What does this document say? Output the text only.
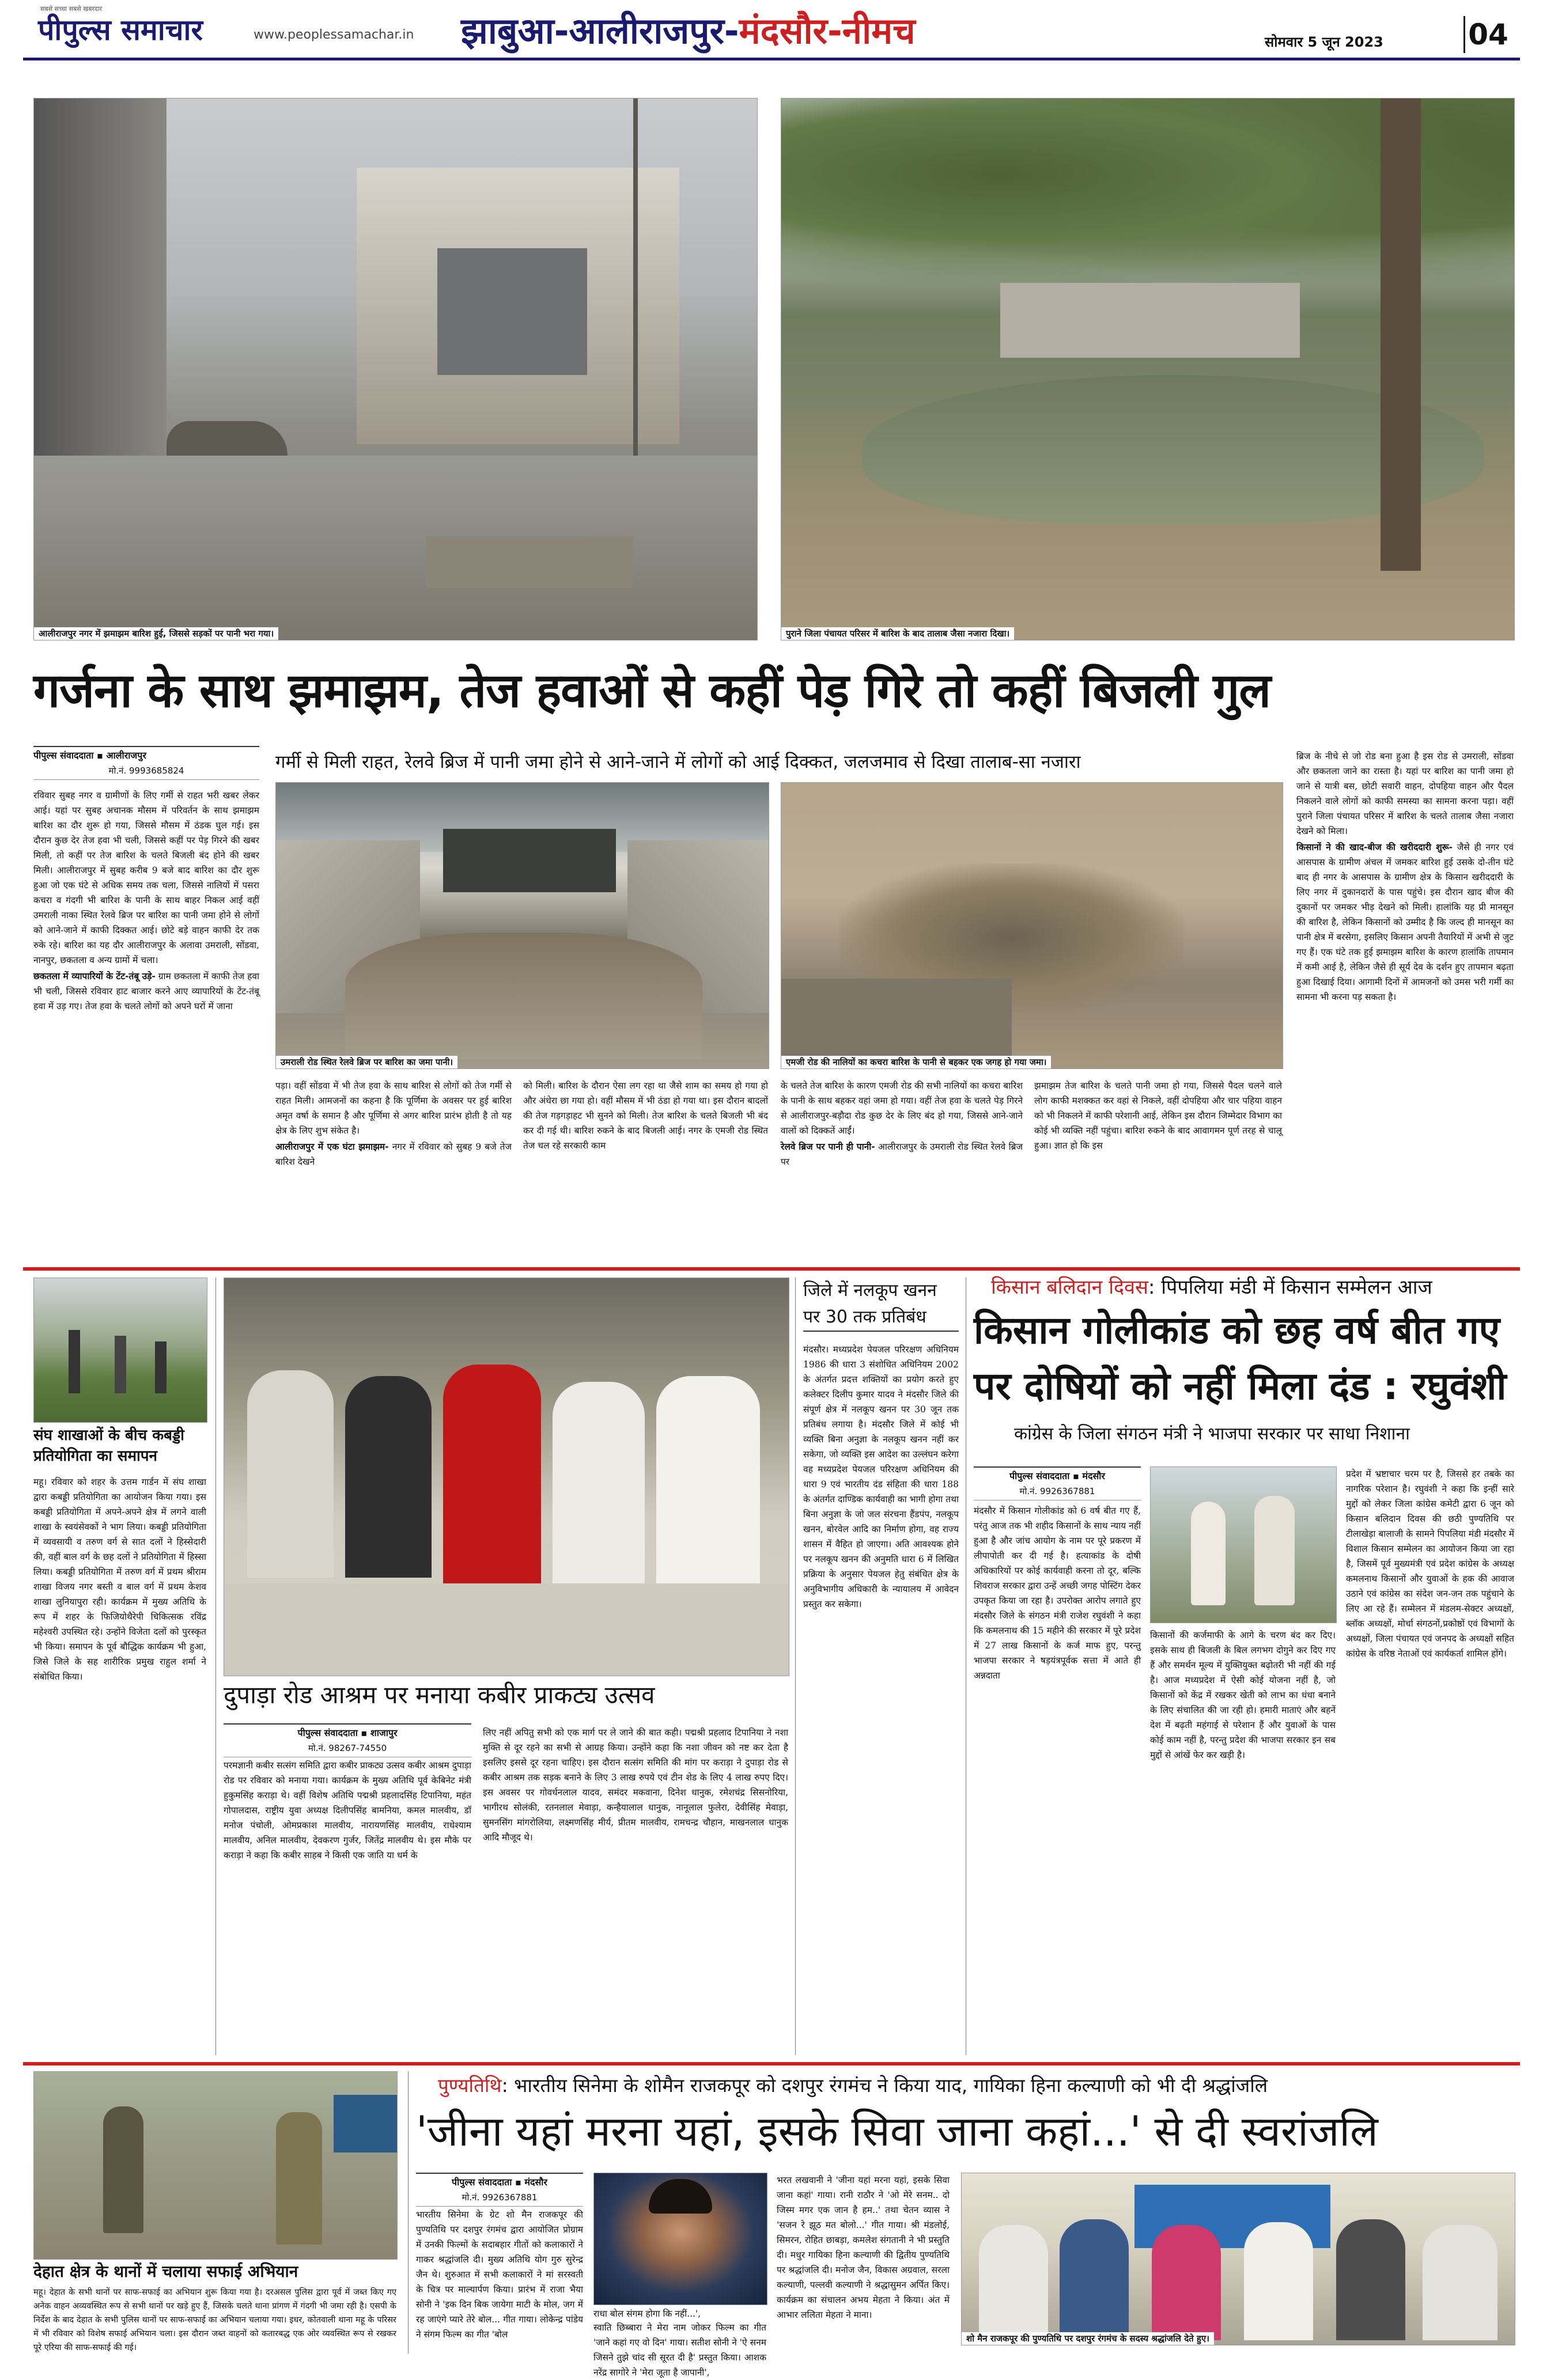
सबसे सच्चा सबसे खबरदार
पीपुल्स समाचार	www.peoplessamachar.in झाबुआ-आलीराजपुर-मंदसौर-नीमच	सोमवार 5 जून 2023	04
आलीराजपुर नगर में झमाझम बारिश हुई, जिससे सड़कों पर पानी भरा गया।	पुराने जिला पंचायत परिसर में बारिश के बाद तालाब जैसा नजारा दिखा।
गर्जना के साथ झमाझम, तेज हवाओं से कहीं पेड़ गिरे तो कहीं बिजली गुल
पीपुल्स संवाददाता ▪ आलीराजपुर
मो.नं. 9993685824	गर्मी से मिली राहत, रेलवे ब्रिज में पानी जमा होने से आने-जाने में लोगों को आई दिक्कत, जलजमाव से दिखा तालाब-सा नजारा
उमराली रोड स्थित रेलवे ब्रिज पर बारिश का जमा पानी।	एमजी रोड की नालियों का कचरा बारिश के पानी से बहकर एक जगह हो गया जमा।

रविवार सुबह नगर व ग्रामीणों के लिए गर्मी से राहत भरी खबर लेकर आई। यहां पर सुबह अचानक मौसम में परिवर्तन के साथ झमाझम बारिश का दौर शुरू हो गया, जिससे मौसम में ठंडक घुल गई। इस दौरान कुछ देर तेज हवा भी चली, जिससे कहीं पर पेड़ गिरने की खबर मिली, तो कहीं पर तेज बारिश के चलते बिजली बंद होने की खबर मिली। आलीराजपुर में सुबह करीब 9 बजे बाद बारिश का दौर शुरू हुआ जो एक घंटे से अधिक समय तक चला, जिससे नालियों में पसरा कचरा व गंदगी भी बारिश के पानी के साथ बाहर निकल आई वहीं उमराली नाका स्थित रेलवे ब्रिज पर बारिश का पानी जमा होने से लोगों को आने-जाने में काफी दिक्कत आई। छोटे बड़े वाहन काफी देर तक रुके रहे। बारिश का यह दौर आलीराजपुर के अलावा उमराली, सोंडवा, नानपुर, छकतला व अन्य ग्रामों में चला।

छकतला में व्यापारियों के टेंट-तंबू उड़े- ग्राम छकतला में काफी तेज हवा भी चली, जिससे रविवार हाट बाजार करने आए व्यापारियों के टेंट-तंबू हवा में उड़ गए। तेज हवा के चलते लोगों को अपने घरों में जाना

पड़ा। वहीं सोंडवा में भी तेज हवा के साथ बारिश से लोगों को तेज गर्मी से राहत मिली। आमजनों का कहना है कि पूर्णिमा के अवसर पर हुई बारिश अमृत वर्षा के समान है और पूर्णिमा से अगर बारिश प्रारंभ होती है तो यह क्षेत्र के लिए शुभ संकेत है।

आलीराजपुर में एक घंटा झमाझम- नगर में रविवार को सुबह 9 बजे तेज बारिश देखने

को मिली। बारिश के दौरान ऐसा लग रहा था जैसे शाम का समय हो गया हो और अंधेरा छा गया हो। वहीं मौसम में भी ठंडा हो गया था। इस दौरान बादलों की तेज गड़गड़ाहट भी सुनने को मिली। तेज बारिश के चलते बिजली भी बंद कर दी गई थी। बारिश रुकने के बाद बिजली आई। नगर के एमजी रोड स्थित तेज चल रहे सरकारी काम

के चलते तेज बारिश के कारण एमजी रोड की सभी नालियों का कचरा बारिश के पानी के साथ बहकर वहां जमा हो गया। वहीं तेज हवा के चलते पेड़ गिरने से आलीराजपुर-बड़ौदा रोड कुछ देर के लिए बंद हो गया, जिससे आने-जाने वालों को दिक्कतें आईं।

रेलवे ब्रिज पर पानी ही पानी- आलीराजपुर के उमराली रोड स्थित रेलवे ब्रिज पर

झमाझम तेज बारिश के चलते पानी जमा हो गया, जिससे पैदल चलने वाले लोग काफी मशक्कत कर वहां से निकले, वहीं दोपहिया और चार पहिया वाहन को भी निकलने में काफी परेशानी आई, लेकिन इस दौरान जिम्मेदार विभाग का कोई भी व्यक्ति नहीं पहुंचा। बारिश रुकने के बाद आवागमन पूर्ण तरह से चालू हुआ। ज्ञात हो कि इस

ब्रिज के नीचे से जो रोड बना हुआ है इस रोड से उमराली, सोंडवा और छकतला जाने का रास्ता है। यहां पर बारिश का पानी जमा हो जाने से यात्री बस, छोटी सवारी वाहन, दोपहिया वाहन और पैदल निकलने वाले लोगों को काफी समस्या का सामना करना पड़ा। वहीं पुराने जिला पंचायत परिसर में बारिश के चलते तालाब जैसा नजारा देखने को मिला।

किसानों ने की खाद-बीज की खरीददारी शुरू- जैसे ही नगर एवं आसपास के ग्रामीण अंचल में जमकर बारिश हुई उसके दो-तीन घंटे बाद ही नगर के आसपास के ग्रामीण क्षेत्र के किसान खरीददारी के लिए नगर में दुकानदारों के पास पहुंचे। इस दौरान खाद बीज की दुकानों पर जमकर भीड़ देखने को मिली। हालांकि यह प्री मानसून की बारिश है, लेकिन किसानों को उम्मीद है कि जल्द ही मानसून का पानी क्षेत्र में बरसेगा, इसलिए किसान अपनी तैयारियों में अभी से जुट गए हैं। एक घंटे तक हुई झमाझम बारिश के कारण हालांकि तापमान में कमी आई है, लेकिन जैसे ही सूर्य देव के दर्शन हुए तापमान बढ़ता हुआ दिखाई दिया। आगामी दिनों में आमजनों को उमस भरी गर्मी का सामना भी करना पड़ सकता है।

संघ शाखाओं के बीच कबड्डी प्रतियोगिता का समापन
महू। रविवार को शहर के उत्तम गार्डन में संघ शाखा द्वारा कबड्डी प्रतियोगिता का आयोजन किया गया। इस कबड्डी प्रतियोगिता में अपने-अपने क्षेत्र में लगने वाली शाखा के स्वयंसेवकों ने भाग लिया। कबड्डी प्रतियोगिता में व्यवसायी व तरुण वर्ग से सात दलों ने हिस्सेदारी की, वहीं बाल वर्ग के छह दलों ने प्रतियोगिता में हिस्सा लिया। कबड्डी प्रतियोगिता में तरुण वर्ग में प्रथम श्रीराम शाखा विजय नगर बस्ती व बाल वर्ग में प्रथम केशव शाखा लुनियापुरा रही। कार्यक्रम में मुख्य अतिथि के रूप में शहर के फिजियोथैरेपी चिकित्सक रविंद्र महेश्वरी उपस्थित रहे। उन्होंने विजेता दलों को पुरस्कृत भी किया। समापन के पूर्व बौद्धिक कार्यक्रम भी हुआ, जिसे जिले के सह शारीरिक प्रमुख राहुल शर्मा ने संबोधित किया।
दुपाड़ा रोड आश्रम पर मनाया कबीर प्राकट्य उत्सव
पीपुल्स संवाददाता ▪ शाजापुर
मो.नं. 98267-74550
परमज्ञानी कबीर सत्संग समिति द्वारा कबीर प्राकट्य उत्सव कबीर आश्रम दुपाड़ा रोड पर रविवार को मनाया गया। कार्यक्रम के मुख्य अतिथि पूर्व केबिनेट मंत्री हुकुमसिंह कराड़ा थे। वहीं विशेष अतिथि पद्मश्री प्रहलादसिंह टिपानिया, महंत गोपालदास, राष्ट्रीय युवा अध्यक्ष दिलीपसिंह बामनिया, कमल मालवीय, डॉ मनोज पंचोली, ओमप्रकाश मालवीय, नारायणसिंह मालवीय, राधेश्याम मालवीय, अनिल मालवीय, देवकरण गुर्जर, जितेंद्र मालवीय थे। इस मौके पर कराड़ा ने कहा कि कबीर साहब ने किसी एक जाति या धर्म के
लिए नहीं अपितु सभी को एक मार्ग पर ले जाने की बात कही। पद्मश्री प्रहलाद टिपानिया ने नशा मुक्ति से दूर रहने का सभी से आग्रह किया। उन्होंने कहा कि नशा जीवन को नष्ट कर देता है इसलिए इससे दूर रहना चाहिए। इस दौरान सत्संग समिति की मांग पर कराड़ा ने दुपाड़ा रोड से कबीर आश्रम तक सड़क बनाने के लिए 3 लाख रुपये एवं टीन शेड के लिए 4 लाख रुपए दिए। इस अवसर पर गोवर्धनलाल यादव, समंदर मकवाना, दिनेश धानुक, रमेशचंद्र सिसनोरिया, भागीरथ सोलंकी, रतनलाल मेवाड़ा, कन्हैयालाल धानुक, नानूलाल फुलेरा, देवीसिंह मेवाड़ा, सुमनसिंग मांगरोलिया, लक्ष्मणसिंह मीर्य, प्रीतम मालवीय, रामचन्द्र चौहान, माखनलाल धानुक आदि मौजूद थे।
जिले में नलकूप खनन पर 30 तक प्रतिबंध
मंदसौर। मध्यप्रदेश पेयजल परिरक्षण अधिनियम 1986 की धारा 3 संशोधित अधिनियम 2002 के अंतर्गत प्रदत्त शक्तियों का प्रयोग करते हुए कलेक्टर दिलीप कुमार यादव ने मंदसौर जिले की संपूर्ण क्षेत्र में नलकूप खनन पर 30 जून तक प्रतिबंध लगाया है। मंदसौर जिले में कोई भी व्यक्ति बिना अनुज्ञा के नलकूप खनन नहीं कर सकेगा, जो व्यक्ति इस आदेश का उल्लंघन करेगा वह मध्यप्रदेश पेयजल परिरक्षण अधिनियम की धारा 9 एवं भारतीय दंड संहिता की धारा 188 के अंतर्गत दाण्डिक कार्यवाही का भागी होगा तथा बिना अनुज्ञा के जो जल संरचना हैंडपंप, नलकूप खनन, बोरवेल आदि का निर्माण होगा, वह राज्य शासन में वैहित हो जाएगा। अति आवश्यक होने पर नलकूप खनन की अनुमति धारा 6 में लिखित प्रक्रिया के अनुसार पेयजल हेतु संबंधित क्षेत्र के अनुविभागीय अधिकारी के न्यायालय में आवेदन प्रस्तुत कर सकेगा।
किसान बलिदान दिवस: पिपलिया मंडी में किसान सम्मेलन आज
किसान गोलीकांड को छह वर्ष बीत गए
पर दोषियों को नहीं मिला दंड : रघुवंशी
कांग्रेस के जिला संगठन मंत्री ने भाजपा सरकार पर साधा निशाना
पीपुल्स संवाददाता ▪ मंदसौर
मो.नं. 9926367881
मंदसौर में किसान गोलीकांड को 6 वर्ष बीत गए हैं, परंतु आज तक भी शहीद किसानों के साथ न्याय नहीं हुआ है और जांच आयोग के नाम पर पूरे प्रकरण में लीपापोती कर दी गई है। हत्याकांड के दोषी अधिकारियों पर कोई कार्यवाही करना तो दूर, बल्कि शिवराज सरकार द्वारा उन्हें अच्छी जगह पोस्टिंग देकर उपकृत किया जा रहा है। उपरोक्त आरोप लगाते हुए मंदसौर जिले के संगठन मंत्री राजेश रघुवंशी ने कहा कि कमलनाथ की 15 महीने की सरकार में पूरे प्रदेश में 27 लाख किसानों के कर्ज माफ हुए, परन्तु भाजपा सरकार ने षड़यंत्रपूर्वक सत्ता में आते ही अन्नदाता
किसानों की कर्जमाफी के आगे के चरण बंद कर दिए। इसके साथ ही बिजली के बिल लगभग दोगुने कर दिए गए हैं और समर्थन मूल्य में युक्तियुक्त बढ़ोतरी भी नहीं की गई है। आज मध्यप्रदेश में ऐसी कोई योजना नहीं है, जो किसानों को केंद्र में रखकर खेती को लाभ का धंधा बनाने के लिए संचालित की जा रही हो। हमारी माताएं और बहनें देश में बढ़ती महंगाई से परेशान हैं और युवाओं के पास कोई काम नहीं है, परन्तु प्रदेश की भाजपा सरकार इन सब मुद्दों से आंखें फेर कर खड़ी है।
प्रदेश में भ्रष्टाचार चरम पर है, जिससे हर तबके का नागरिक परेशान है। रघुवंशी ने कहा कि इन्हीं सारे मुद्दों को लेकर जिला कांग्रेस कमेटी द्वारा 6 जून को किसान बलिदान दिवस की छठी पुण्यतिथि पर टीलाखेड़ा बालाजी के सामने पिपलिया मंडी मंदसौर में विशाल किसान सम्मेलन का आयोजन किया जा रहा है, जिसमें पूर्व मुख्यमंत्री एवं प्रदेश कांग्रेस के अध्यक्ष कमलनाथ किसानों और युवाओं के हक की आवाज उठाने एवं कांग्रेस का संदेश जन-जन तक पहुंचाने के लिए आ रहे हैं। सम्मेलन में मंडलम-सेक्टर अध्यक्षों, ब्लॉक अध्यक्षों, मोर्चा संगठनों,प्रकोष्ठों एवं विभागों के अध्यक्षों, जिला पंचायत एवं जनपद के अध्यक्षों सहित कांग्रेस के वरिष्ठ नेताओं एवं कार्यकर्ता शामिल होंगे।
देहात क्षेत्र के थानों में चलाया सफाई अभियान
महू। देहात के सभी थानों पर साफ-सफाई का अभियान शुरू किया गया है। दरअसल पुलिस द्वारा पूर्व में जब्त किए गए अनेक वाहन अव्यवस्थित रूप से सभी थानों पर खड़े हुए हैं, जिसके चलते थाना प्रांगण में गंदगी भी जमा रही है। एसपी के निर्देश के बाद देहात के सभी पुलिस थानों पर साफ-सफाई का अभियान चलाया गया। इधर, कोतवाली थाना महू के परिसर में भी रविवार को विशेष सफाई अभियान चला। इस दौरान जब्त वाहनों को कतारबद्ध एक ओर व्यवस्थित रूप से रखकर पूरे एरिया की साफ-सफाई की गई।
पुण्यतिथि: भारतीय सिनेमा के शोमैन राजकपूर को दशपुर रंगमंच ने किया याद, गायिका हिना कल्याणी को भी दी श्रद्धांजलि
'जीना यहां मरना यहां, इसके सिवा जाना कहां...' से दी स्वरांजलि
पीपुल्स संवाददाता ▪ मंदसौर
मो.नं. 9926367881
भारतीय सिनेमा के ग्रेट शो मैन राजकपूर की पुण्यतिथि पर दशपुर रंगमंच द्वारा आयोजित प्रोग्राम में उनकी फिल्मों के सदाबहार गीतों को कलाकारों ने गाकर श्रद्धांजलि दी। मुख्य अतिथि योग गुरु सुरेन्द्र जैन थे। शुरुआत में सभी कलाकारों ने मां सरस्वती के चित्र पर माल्यार्पण किया। प्रारंभ में राजा भैया सोनी ने 'इक दिन बिक जायेगा माटी के मोल, जग में रह जाएंगे प्यारे तेरे बोल... गीत गाया। लोकेन्द्र पांडेय ने संगम फिल्म का गीत 'बोल
राधा बोल संगम होगा कि नहीं...',
स्वाति छिब्बारा ने मेरा नाम जोकर फिल्म का गीत 'जाने कहां गए वो दिन' गाया। सतीश सोनी ने 'ऐ सनम जिसने तुझे चांद सी सूरत दी है' प्रस्तुत किया। आशक नरेंद्र सागोरे ने 'मेरा जूता है जापानी',
भरत लखवानी ने 'जीना यहां मरना यहां, इसके सिवा जाना कहां' गाया। रानी राठौर ने 'ओ मेरे सनम.. दो जिस्म मगर एक जान है हम..' तथा चेतन व्यास ने 'सजन रे झूठ मत बोलो...' गीत गाया। श्री मंडलोई, सिमरन, रोहित छाबड़ा, कमलेश संगतानी ने भी प्रस्तुति दी। मधुर गायिका हिना कल्याणी की द्वितीय पुण्यतिथि पर श्रद्धांजलि दी। मनोज जैन, विकास अग्रवाल, सरला कल्याणी, पल्लवी कल्याणी ने श्रद्धासुमन अर्पित किए। कार्यक्रम का संचालन अभय मेहता ने किया। अंत में आभार ललिता मेहता ने माना।
शो मैन राजकपूर की पुण्यतिथि पर दशपुर रंगमंच के सदस्य श्रद्धांजलि देते हुए।
